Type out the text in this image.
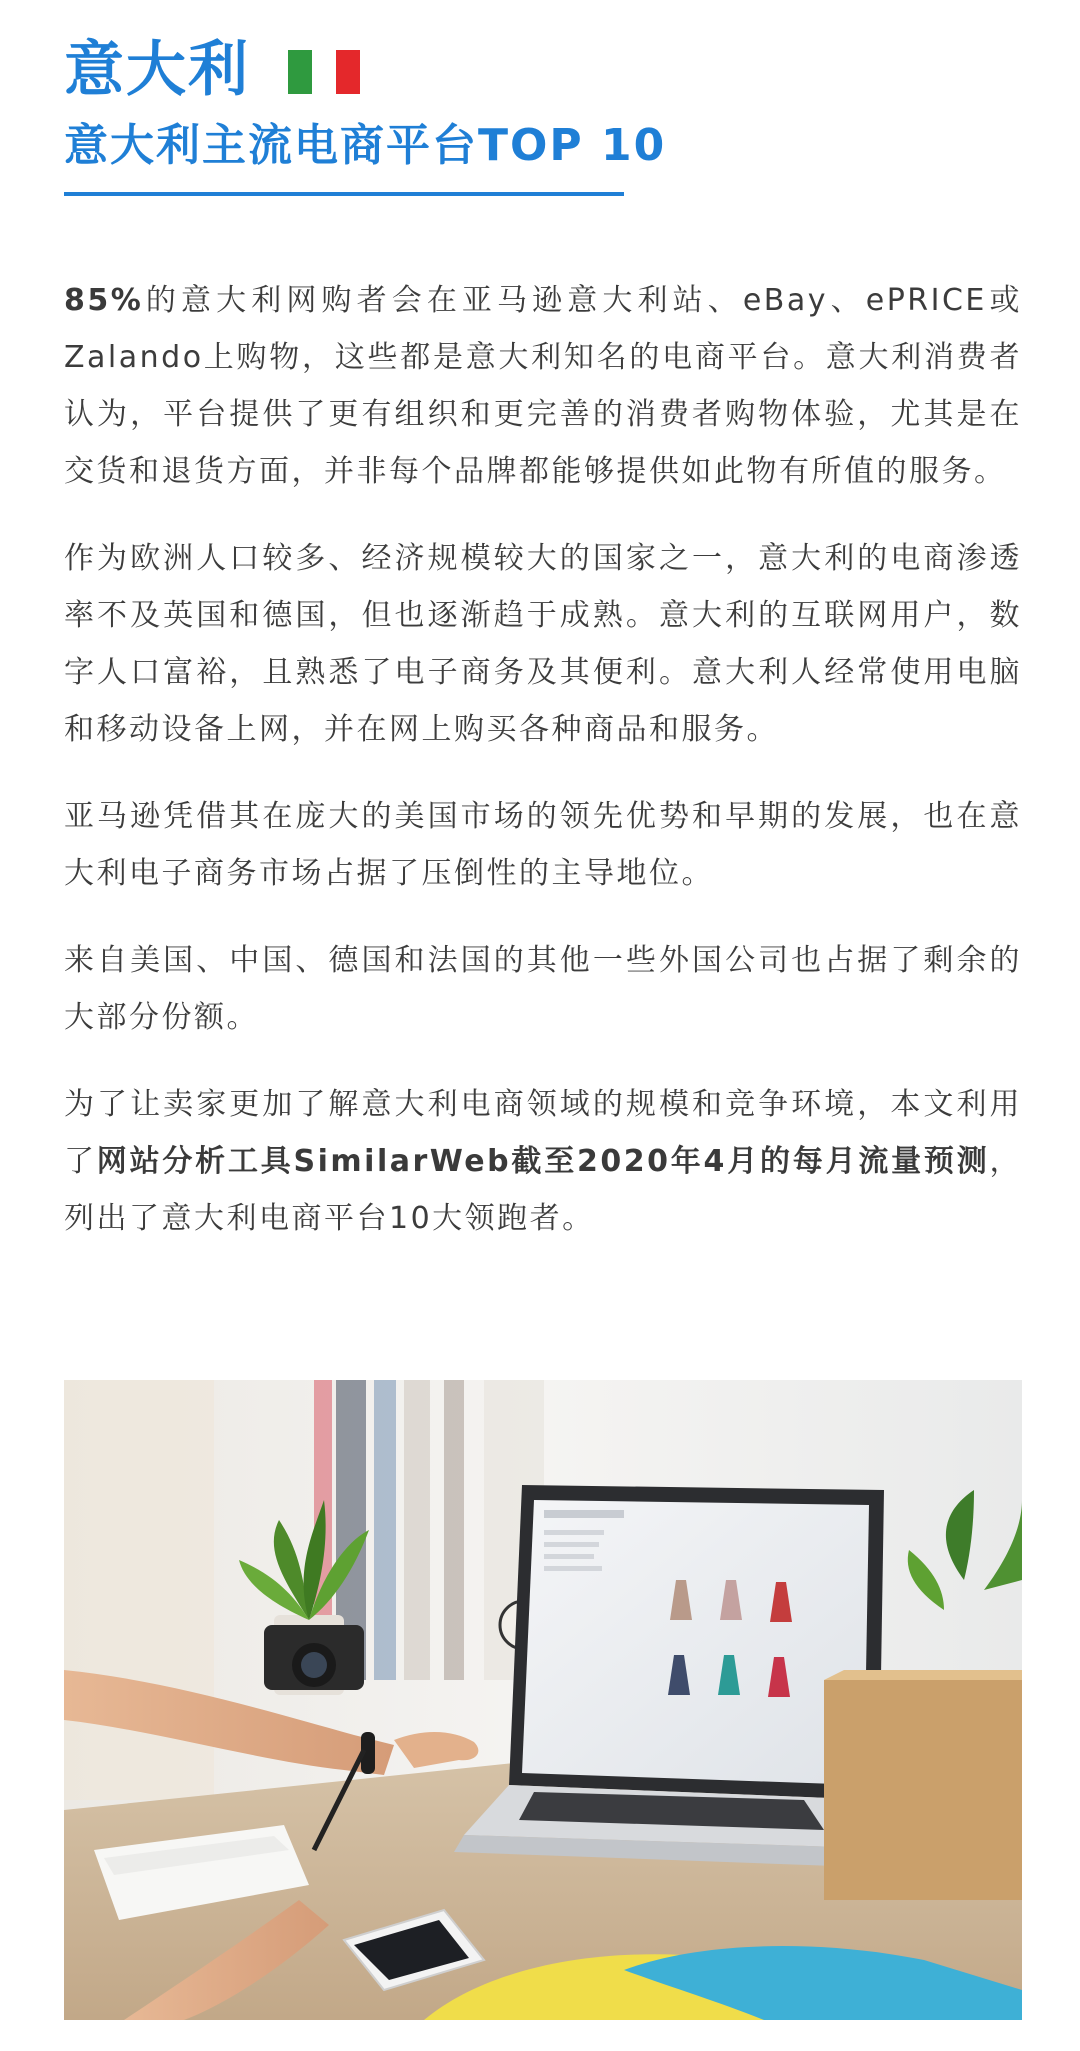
意大利
意大利主流电商平台TOP 10

85%的意大利网购者会在亚马逊意大利站、eBay、ePRICE或Zalando上购物，这些都是意大利知名的电商平台。意大利消费者认为，平台提供了更有组织和更完善的消费者购物体验，尤其是在交货和退货方面，并非每个品牌都能够提供如此物有所值的服务。

作为欧洲人口较多、经济规模较大的国家之一，意大利的电商渗透率不及英国和德国，但也逐渐趋于成熟。意大利的互联网用户，数字人口富裕，且熟悉了电子商务及其便利。意大利人经常使用电脑和移动设备上网，并在网上购买各种商品和服务。

亚马逊凭借其在庞大的美国市场的领先优势和早期的发展，也在意大利电子商务市场占据了压倒性的主导地位。

来自美国、中国、德国和法国的其他一些外国公司也占据了剩余的大部分份额。

为了让卖家更加了解意大利电商领域的规模和竞争环境，本文利用了网站分析工具SimilarWeb截至2020年4月的每月流量预测，列出了意大利电商平台10大领跑者。
